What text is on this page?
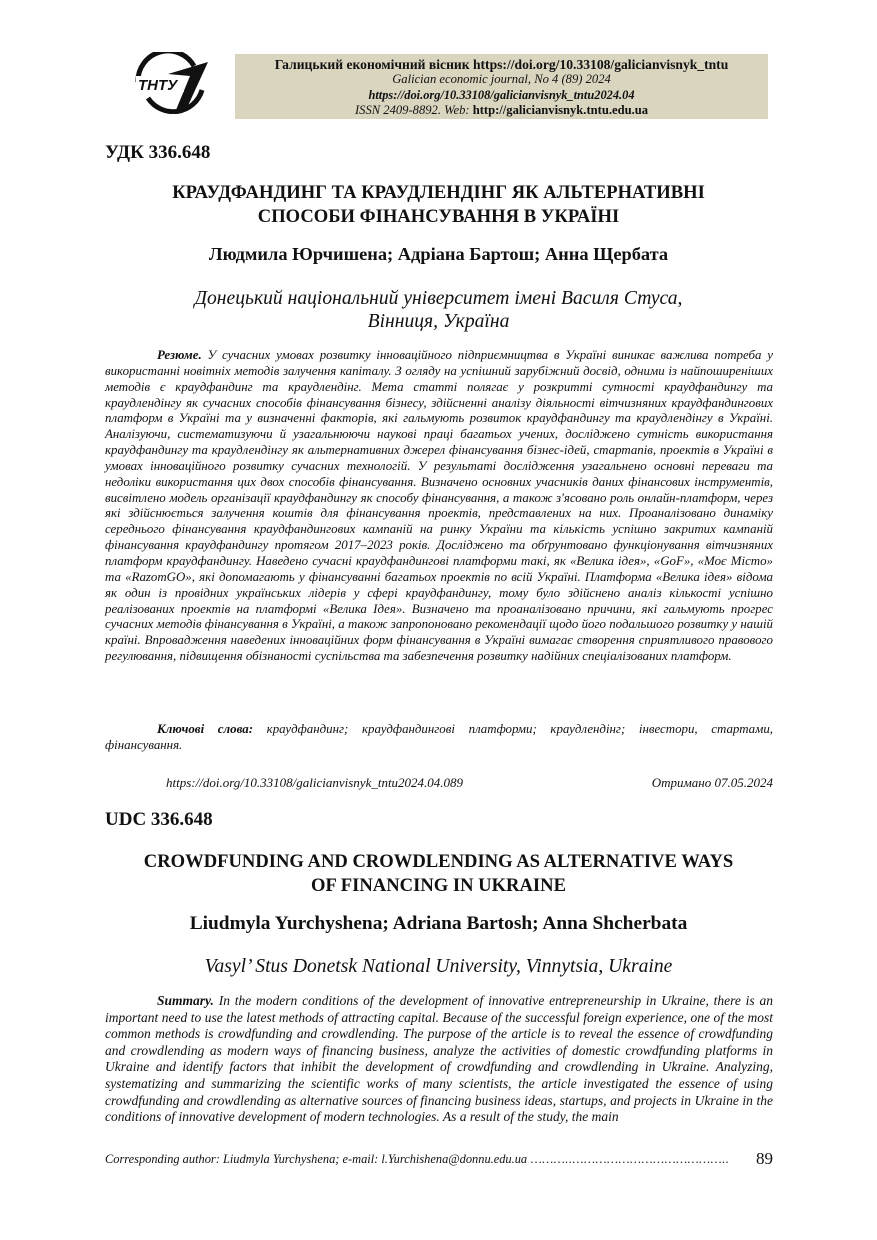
ТНТУ
Галицький економічний вісник https://doi.org/10.33108/galicianvisnyk_tntu
Galician economic journal, No 4 (89) 2024
https://doi.org/10.33108/galicianvisnyk_tntu2024.04
ISSN 2409-8892. Web: http://galicianvisnyk.tntu.edu.ua
УДК 336.648
КРАУДФАНДИНГ ТА КРАУДЛЕНДІНГ ЯК АЛЬТЕРНАТИВНІ
СПОСОБИ ФІНАНСУВАННЯ В УКРАЇНІ
Людмила Юрчишена; Адріана Бартош; Анна Щербата
Донецький національний університет імені Василя Стуса,
Вінниця, Україна

Резюме. У сучасних умовах розвитку інноваційного підприємництва в Україні виникає важлива потреба у використанні новітніх методів залучення капіталу. З огляду на успішний зарубіжний досвід, одними із найпоширеніших методів є краудфандинг та краудлендінг. Мета статті полягає у розкритті сутності краудфандингу та краудлендінгу як сучасних способів фінансування бізнесу, здійсненні аналізу діяльності вітчизняних краудфандингових платформ в Україні та у визначенні факторів, які гальмують розвиток краудфандингу та краудлендінгу в Україні. Аналізуючи, систематизуючи й узагальнюючи наукові праці багатьох учених, досліджено сутність використання краудфандингу та краудлендінгу як альтернативних джерел фінансування бізнес-ідей, стартапів, проектів в Україні в умовах інноваційного розвитку сучасних технологій. У результаті дослідження узагальнено основні переваги та недоліки використання цих двох способів фінансування. Визначено основних учасників даних фінансових інструментів, висвітлено модель організації краудфандингу як способу фінансування, а також з'ясовано роль онлайн-платформ, через які здійснюється залучення коштів для фінансування проектів, представлених на них. Проаналізовано динаміку середнього фінансування краудфандингових кампаній на ринку України та кількість успішно закритих кампаній фінансування краудфандингу протягом 2017–2023 років. Досліджено та обґрунтовано функціонування вітчизняних платформ краудфандингу. Наведено сучасні краудфандингові платформи такі, як «Велика ідея», «GoF», «Моє Місто» та «RazomGO», які допомагають у фінансуванні багатьох проектів по всій Україні. Платформа «Велика ідея» відома як один із провідних українських лідерів у сфері краудфандингу, тому було здійснено аналіз кількості успішно реалізованих проектів на платформі «Велика Ідея». Визначено та проаналізовано причини, які гальмують прогрес сучасних методів фінансування в Україні, а також запропоновано рекомендації щодо його подальшого розвитку у нашій країні. Впровадження наведених інноваційних форм фінансування в Україні вимагає створення сприятливого правового регулювання, підвищення обізнаності суспільства та забезпечення розвитку надійних спеціалізованих платформ.

Ключові слова: краудфандинг; краудфандингові платформи; краудлендінг; інвестори, стартами, фінансування.

https://doi.org/10.33108/galicianvisnyk_tntu2024.04.089	Отримано 07.05.2024
UDC 336.648
CROWDFUNDING AND CROWDLENDING AS ALTERNATIVE WAYS
OF FINANCING IN UKRAINE
Liudmyla Yurchyshena; Adriana Bartosh; Anna Shcherbata
Vasyl’ Stus Donetsk National University, Vinnytsia, Ukraine

Summary. In the modern conditions of the development of innovative entrepreneurship in Ukraine, there is an important need to use the latest methods of attracting capital. Because of the successful foreign experience, one of the most common methods is crowdfunding and crowdlending. The purpose of the article is to reveal the essence of crowdfunding and crowdlending as modern ways of financing business, analyze the activities of domestic crowdfunding platforms in Ukraine and identify factors that inhibit the development of crowdfunding and crowdlending in Ukraine. Analyzing, systematizing and summarizing the scientific works of many scientists, the article investigated the essence of using crowdfunding and crowdlending as alternative sources of financing business ideas, startups, and projects in Ukraine in the conditions of innovative development of modern technologies. As a result of the study, the main

Corresponding author: Liudmyla Yurchyshena; e-mail: l.Yurchishena@donnu.edu.ua ………..…………………………………..	89
